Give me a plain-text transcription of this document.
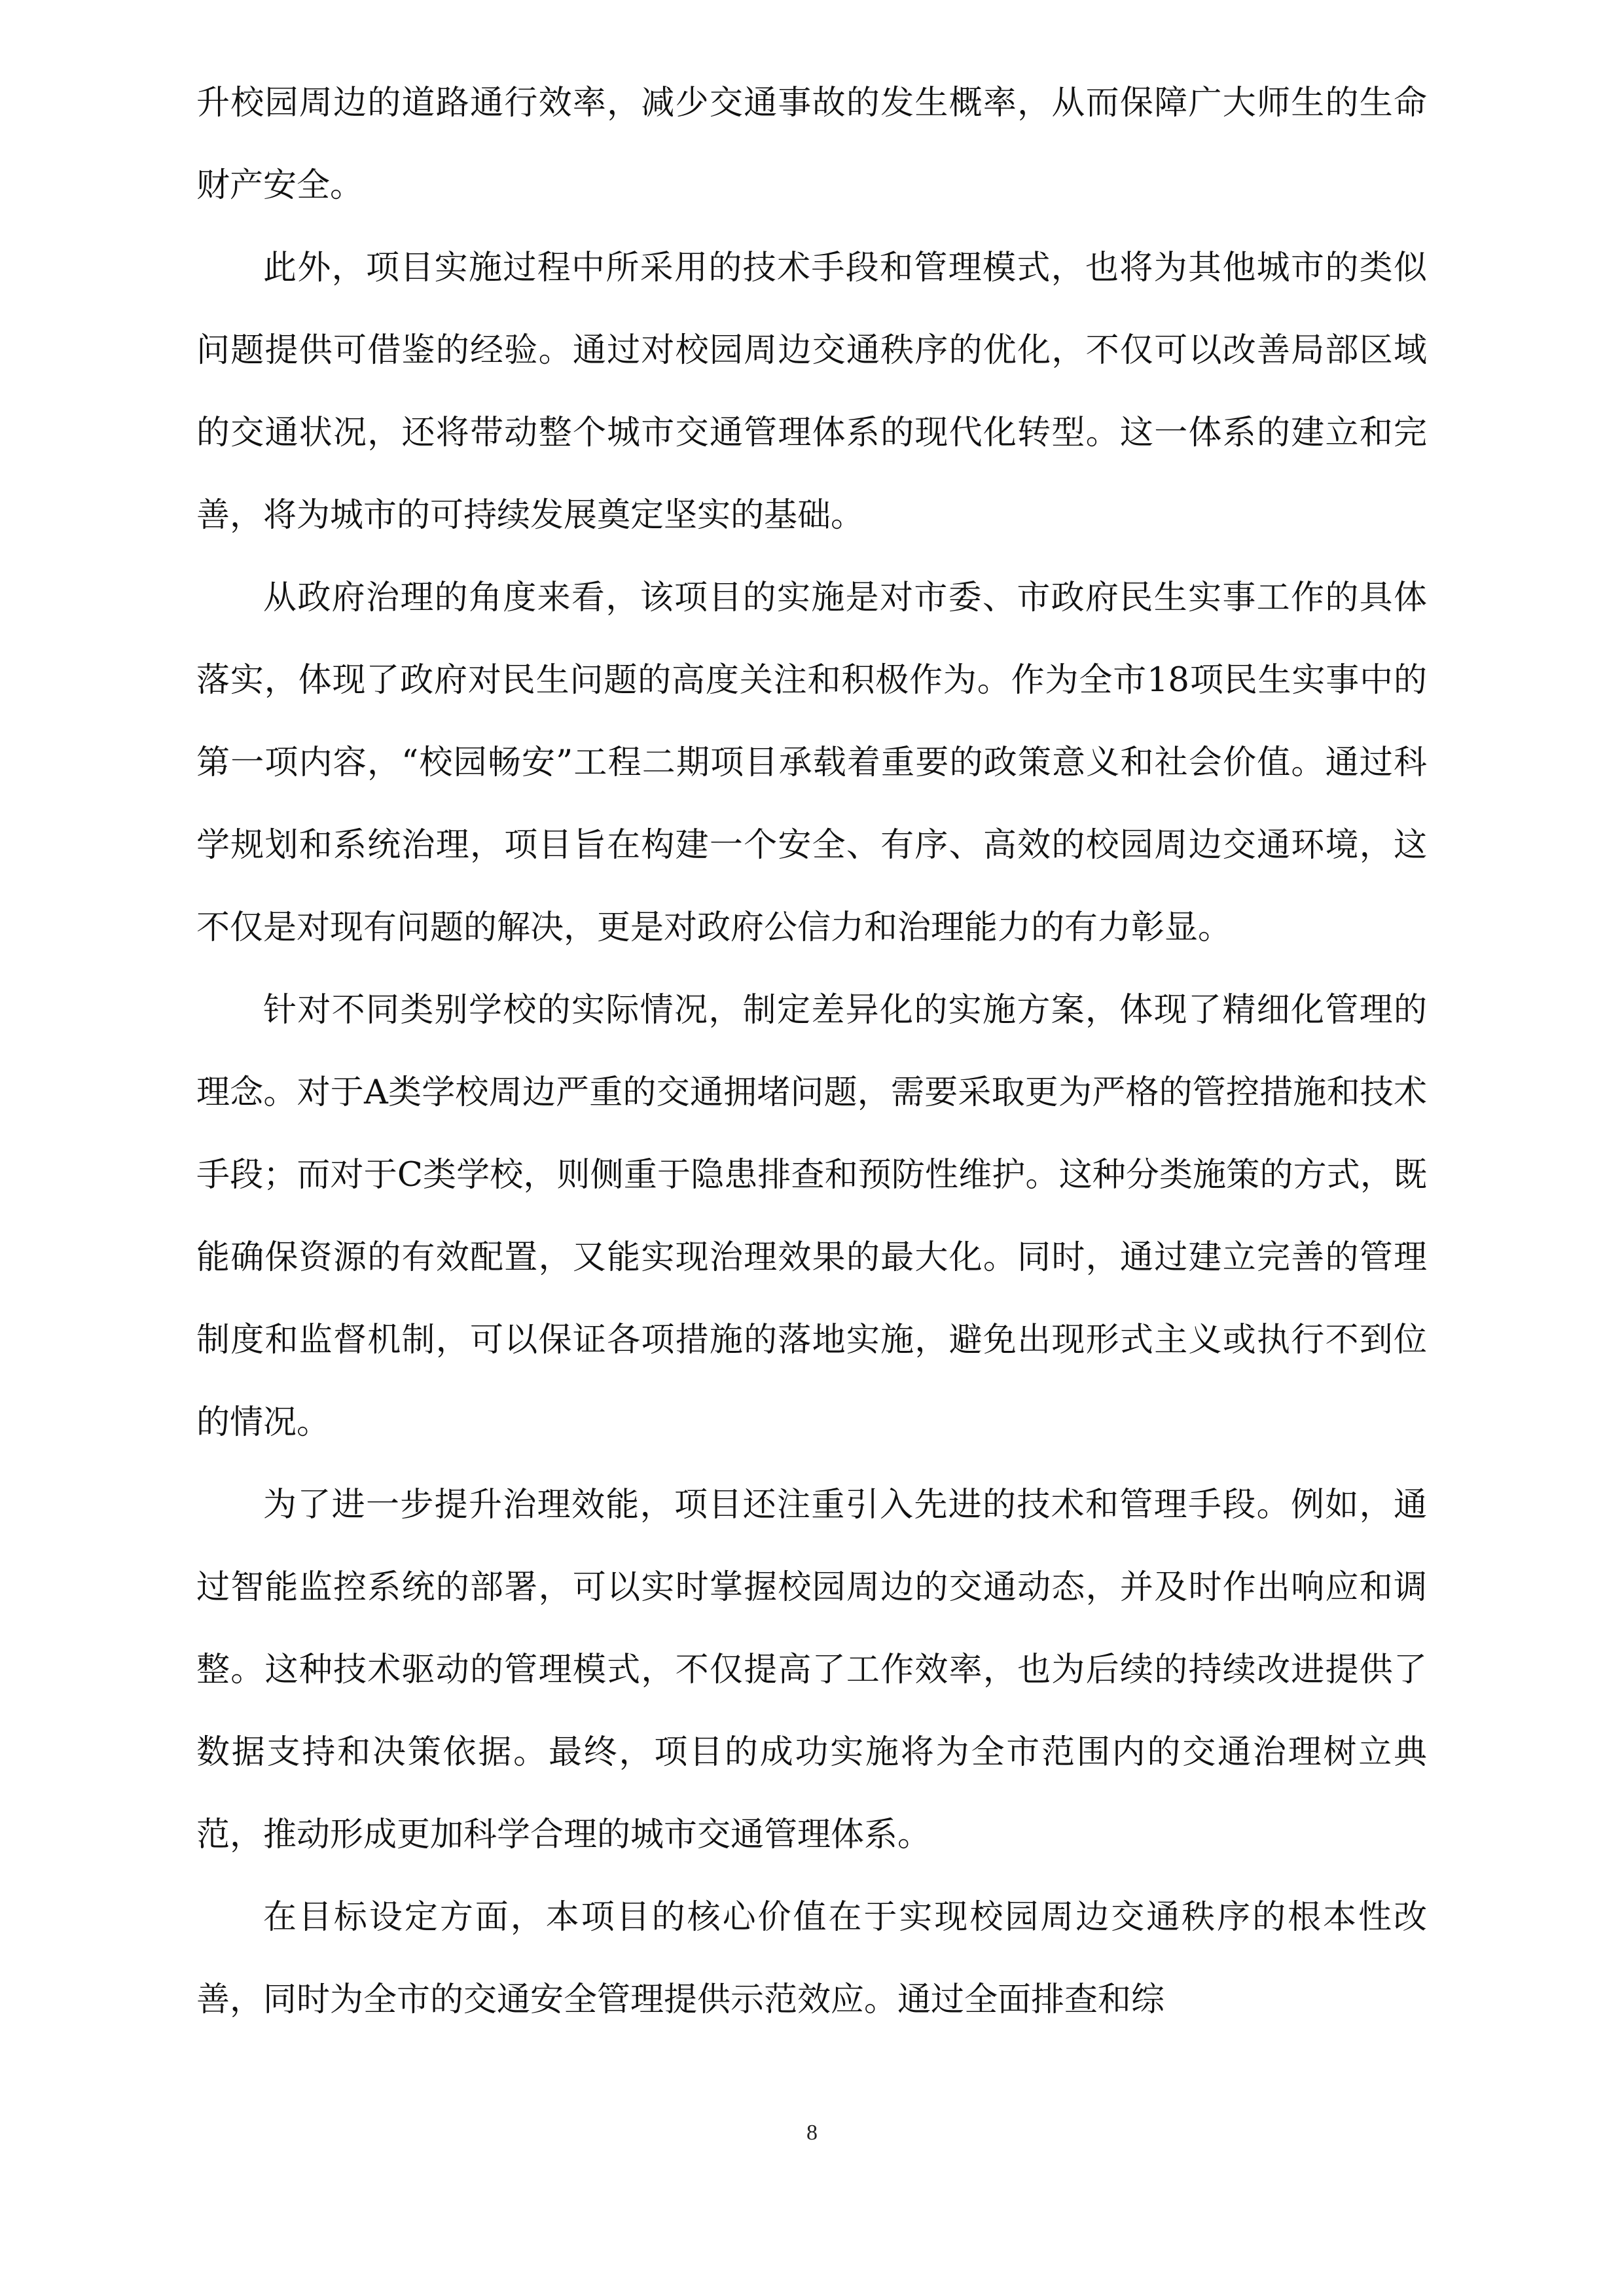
升校园周边的道路通行效率，减少交通事故的发生概率，从而保障广大师生的生命财产安全。

此外，项目实施过程中所采用的技术手段和管理模式，也将为其他城市的类似问题提供可借鉴的经验。通过对校园周边交通秩序的优化，不仅可以改善局部区域的交通状况，还将带动整个城市交通管理体系的现代化转型。这一体系的建立和完善，将为城市的可持续发展奠定坚实的基础。

从政府治理的角度来看，该项目的实施是对市委、市政府民生实事工作的具体落实，体现了政府对民生问题的高度关注和积极作为。作为全市18项民生实事中的第一项内容，“校园畅安”工程二期项目承载着重要的政策意义和社会价值。通过科学规划和系统治理，项目旨在构建一个安全、有序、高效的校园周边交通环境，这不仅是对现有问题的解决，更是对政府公信力和治理能力的有力彰显。

针对不同类别学校的实际情况，制定差异化的实施方案，体现了精细化管理的理念。对于A类学校周边严重的交通拥堵问题，需要采取更为严格的管控措施和技术手段；而对于C类学校，则侧重于隐患排查和预防性维护。这种分类施策的方式，既能确保资源的有效配置，又能实现治理效果的最大化。同时，通过建立完善的管理制度和监督机制，可以保证各项措施的落地实施，避免出现形式主义或执行不到位的情况。

为了进一步提升治理效能，项目还注重引入先进的技术和管理手段。例如，通过智能监控系统的部署，可以实时掌握校园周边的交通动态，并及时作出响应和调整。这种技术驱动的管理模式，不仅提高了工作效率，也为后续的持续改进提供了数据支持和决策依据。最终，项目的成功实施将为全市范围内的交通治理树立典范，推动形成更加科学合理的城市交通管理体系。

在目标设定方面，本项目的核心价值在于实现校园周边交通秩序的根本性改善，同时为全市的交通安全管理提供示范效应。通过全面排查和综

8
